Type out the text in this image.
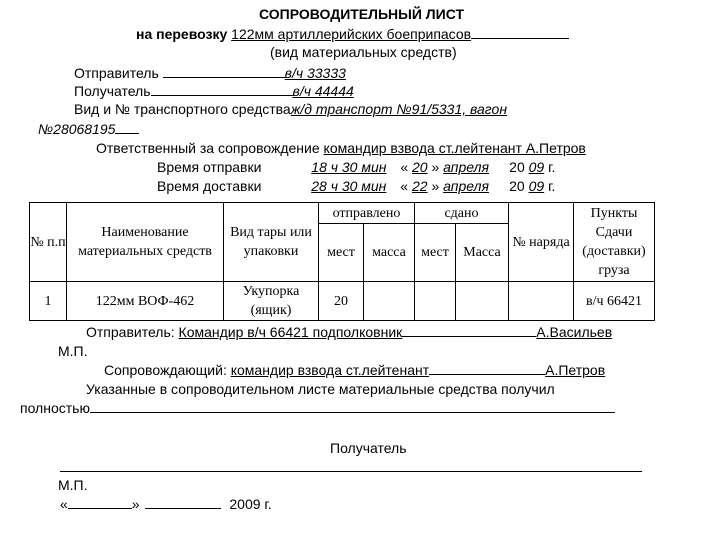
СОПРОВОДИТЕЛЬНЫЙ ЛИСТ
на перевозку 122мм артиллерийских боеприпасов
(вид материальных средств)
Отправитель	в/ч 33333
Получатель	в/ч 44444
Вид и № транспортного средстваж/д транспорт №91/5331, вагон
№28068195
Ответственный за сопровождение командир взвода ст.лейтенант А.Петров
Время отправки	18 ч 30 мин « 20 » апреля 20 09 г.
Время доставки	28 ч 30 мин « 22 » апреля 20 09 г.
№ п.п	Наименование материальных средств	Вид тары или упаковки	отправлено		сдано		№ наряда	Пункты Сдачи (доставки) груза
			мест	масса	мест	Масса		
1	122мм ВОФ-462	Укупорка (ящик)	20					в/ч 66421
Отправитель: Командир в/ч 66421 подполковник	А.Васильев
М.П.
Сопровождающий: командир взвода ст.лейтенант	А.Петров
Указанные в сопроводительном листе материальные средства получил
полностью
Получатель
М.П.
«	»	2009 г.
